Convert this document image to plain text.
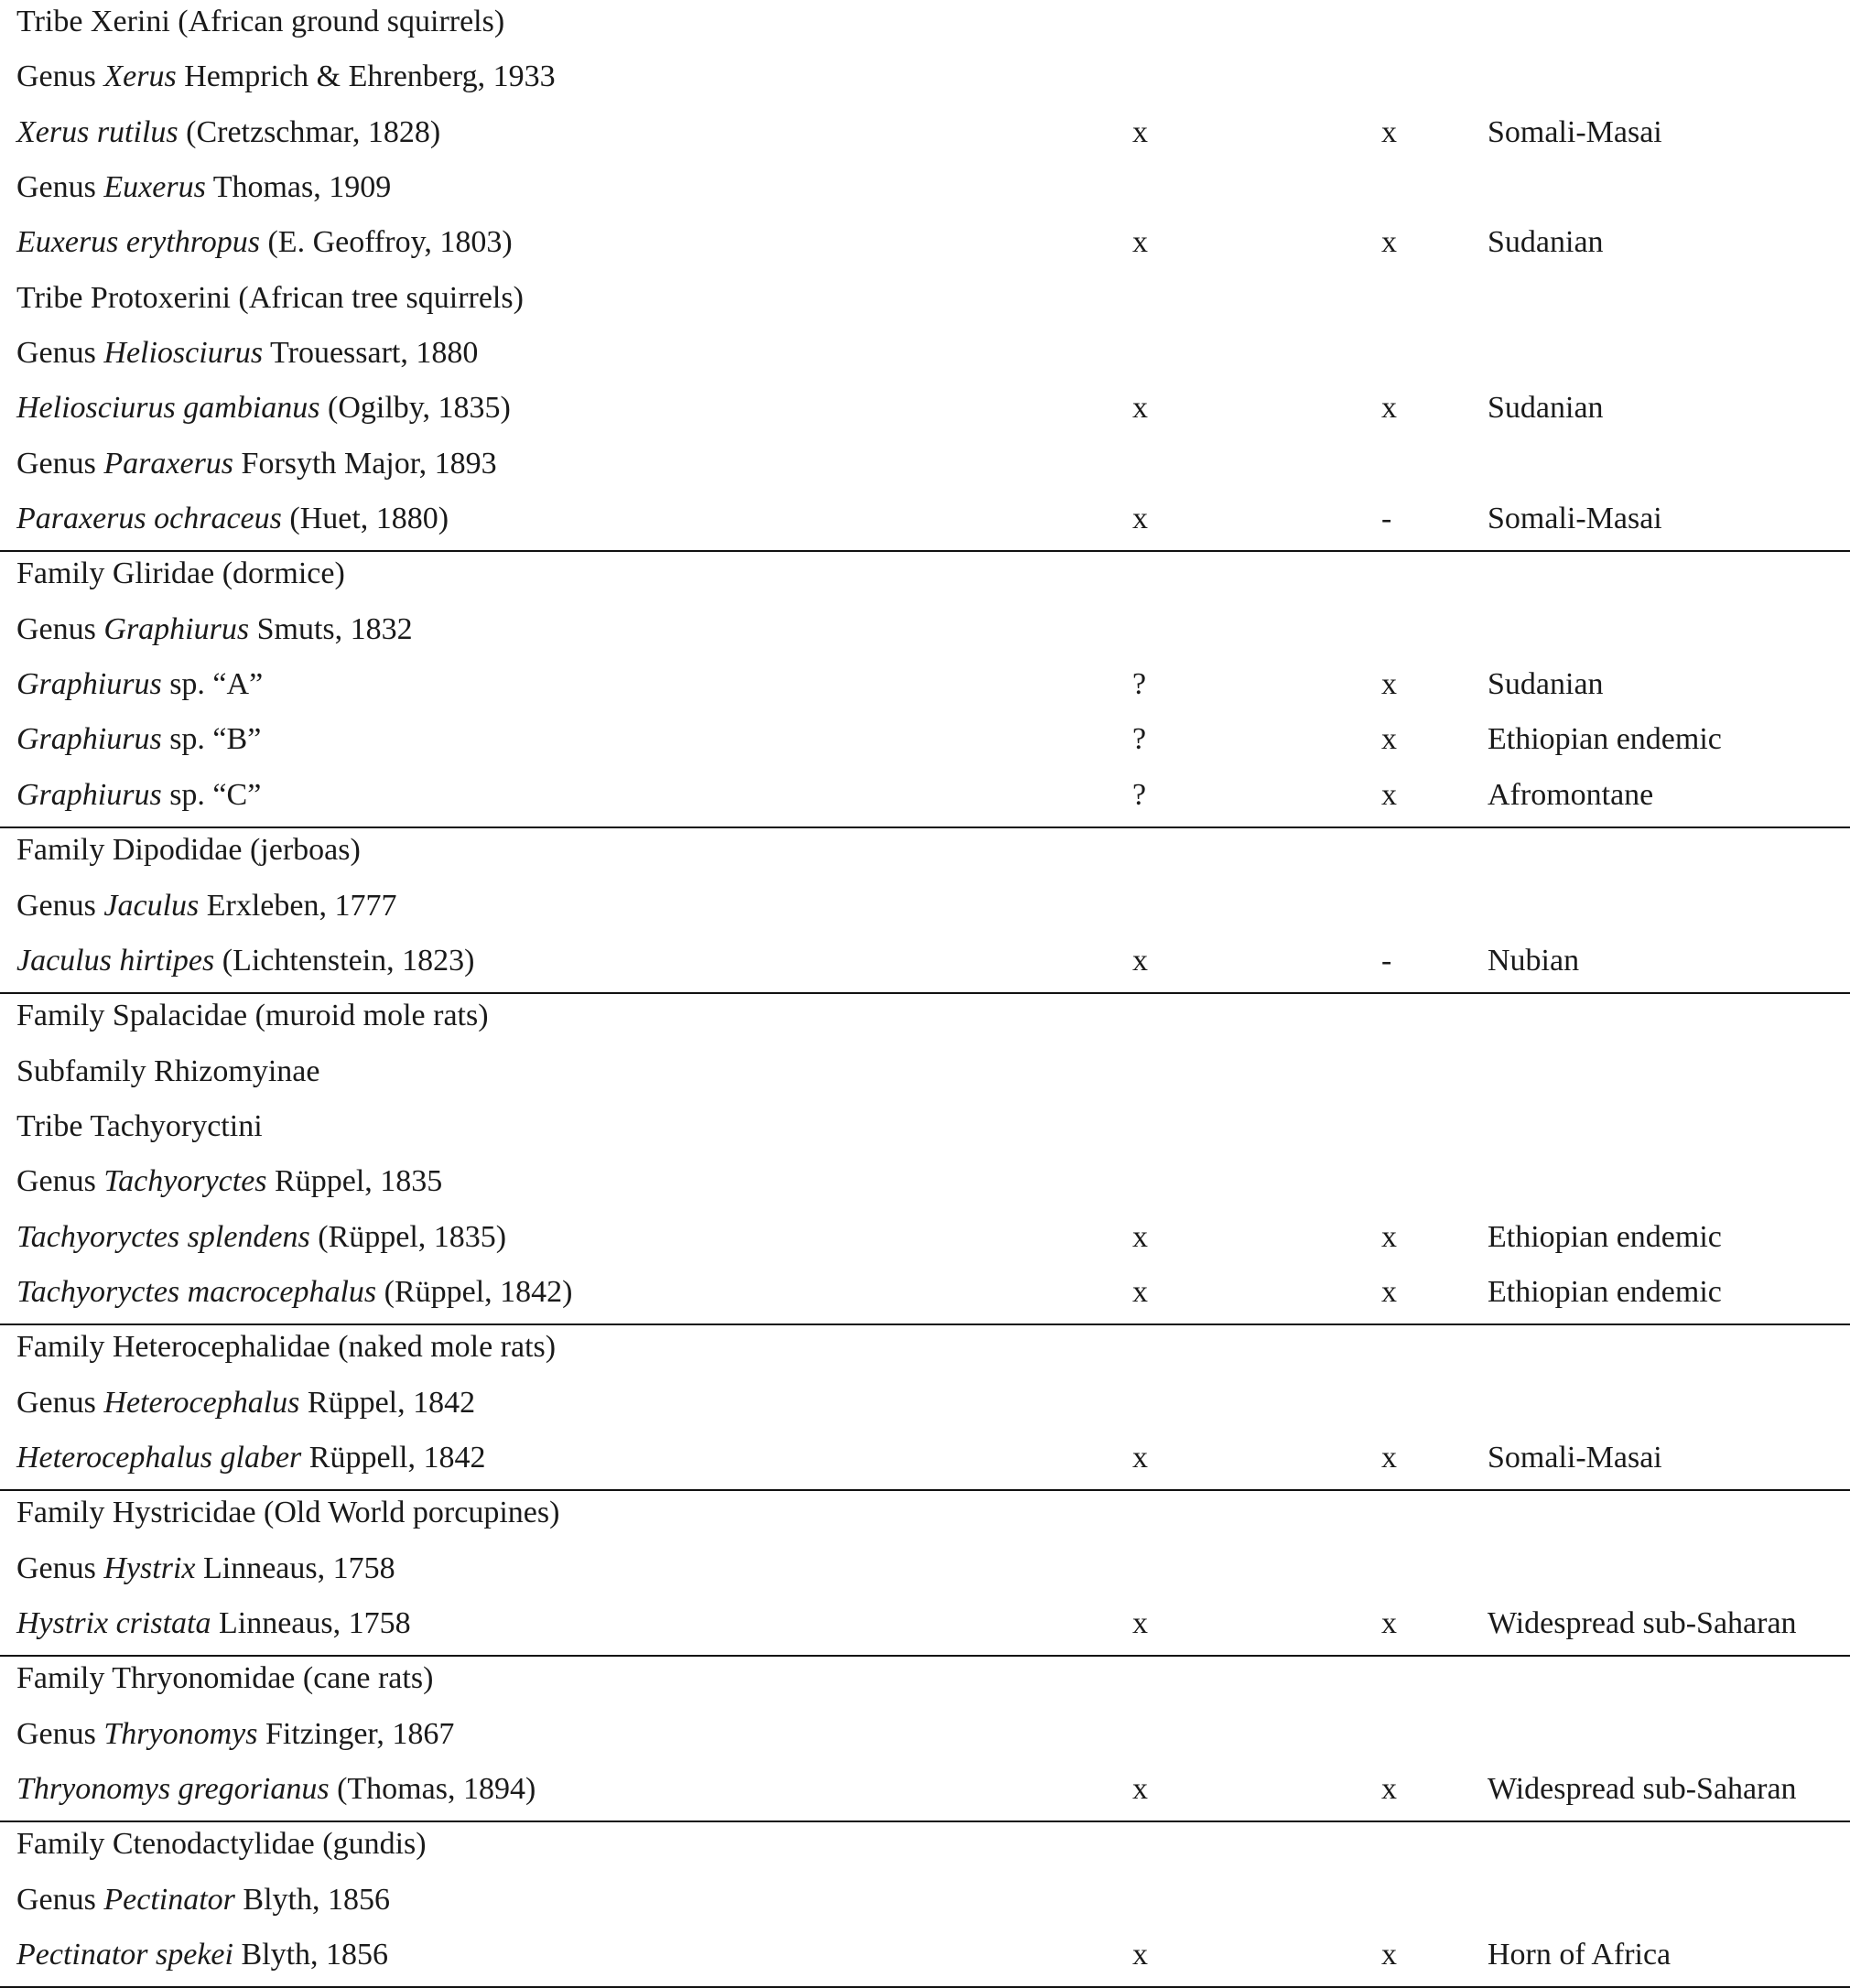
Tribe Xerini (African ground squirrels)
Genus Xerus Hemprich & Ehrenberg, 1933
Xerus rutilus (Cretzschmar, 1828)	x	x	Somali-Masai
Genus Euxerus Thomas, 1909
Euxerus erythropus (E. Geoffroy, 1803)	x	x	Sudanian
Tribe Protoxerini (African tree squirrels)
Genus Heliosciurus Trouessart, 1880
Heliosciurus gambianus (Ogilby, 1835)	x	x	Sudanian
Genus Paraxerus Forsyth Major, 1893
Paraxerus ochraceus (Huet, 1880)	x	-	Somali-Masai
Family Gliridae (dormice)
Genus Graphiurus Smuts, 1832
Graphiurus sp. “A”	?	x	Sudanian
Graphiurus sp. “B”	?	x	Ethiopian endemic
Graphiurus sp. “C”	?	x	Afromontane
Family Dipodidae (jerboas)
Genus Jaculus Erxleben, 1777
Jaculus hirtipes (Lichtenstein, 1823)	x	-	Nubian
Family Spalacidae (muroid mole rats)
Subfamily Rhizomyinae
Tribe Tachyoryctini
Genus Tachyoryctes Rüppel, 1835
Tachyoryctes splendens (Rüppel, 1835)	x	x	Ethiopian endemic
Tachyoryctes macrocephalus (Rüppel, 1842)	x	x	Ethiopian endemic
Family Heterocephalidae (naked mole rats)
Genus Heterocephalus Rüppel, 1842
Heterocephalus glaber Rüppell, 1842	x	x	Somali-Masai
Family Hystricidae (Old World porcupines)
Genus Hystrix Linneaus, 1758
Hystrix cristata Linneaus, 1758	x	x	Widespread sub-Saharan
Family Thryonomidae (cane rats)
Genus Thryonomys Fitzinger, 1867
Thryonomys gregorianus (Thomas, 1894)	x	x	Widespread sub-Saharan
Family Ctenodactylidae (gundis)
Genus Pectinator Blyth, 1856
Pectinator spekei Blyth, 1856	x	x	Horn of Africa
